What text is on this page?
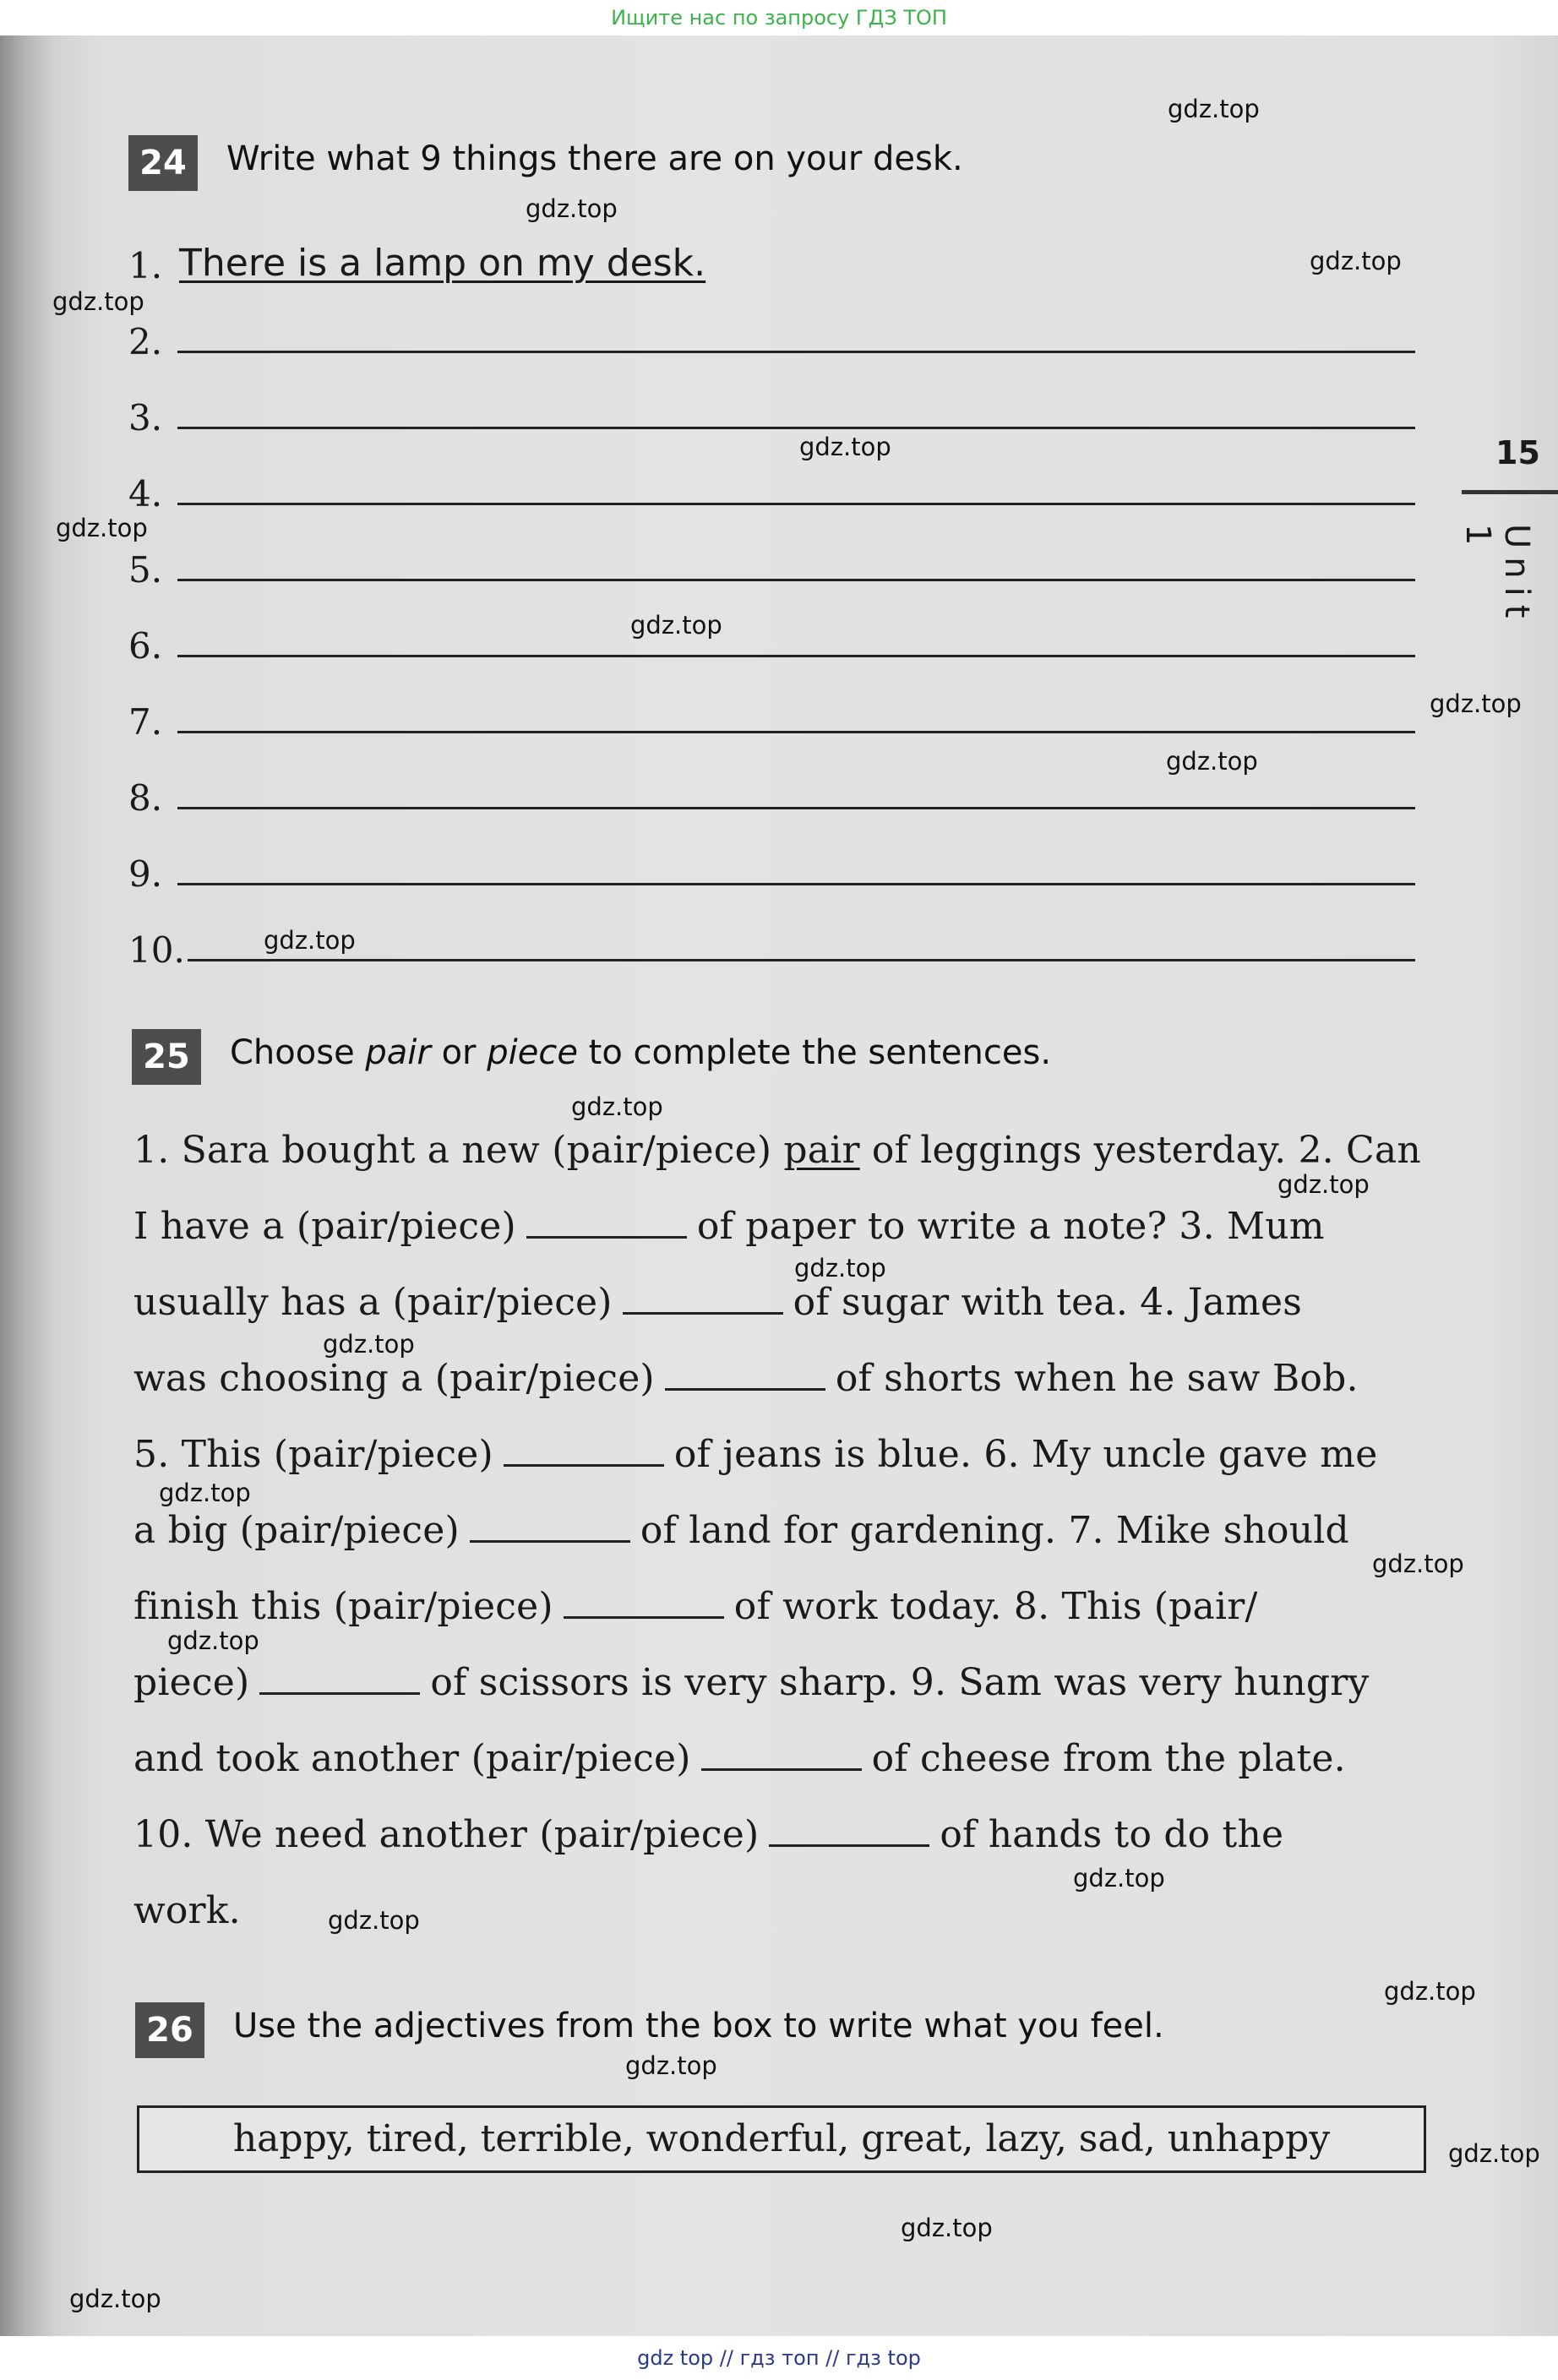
Ищите нас по запросу ГДЗ ТОП
15
Unit 1
24	Write what 9 things there are on your desk.
1. There is a lamp on my desk.
2.
3.
4.
5.
6.
7.
8.
9.
10.
25	Choose pair or piece to complete the sentences.
1. Sara bought a new (pair/piece) pair of leggings yesterday. 2. Can
I have a (pair/piece)	of paper to write a note? 3. Mum
usually has a (pair/piece)	of sugar with tea. 4. James
was choosing a (pair/piece)	of shorts when he saw Bob.
5. This (pair/piece)	of jeans is blue. 6. My uncle gave me
a big (pair/piece)	of land for gardening. 7. Mike should
finish this (pair/piece)	of work today. 8. This (pair/
piece)	of scissors is very sharp. 9. Sam was very hungry
and took another (pair/piece)	of cheese from the plate.
10. We need another (pair/piece)	of hands to do the
work.
26	Use the adjectives from the box to write what you feel.
happy, tired, terrible, wonderful, great, lazy, sad, unhappy
gdz.top
gdz.top
gdz.top
gdz.top
gdz.top
gdz.top
gdz.top
gdz.top
gdz.top
gdz.top
gdz.top
gdz.top
gdz.top
gdz.top
gdz.top
gdz.top
gdz.top
gdz.top
gdz.top
gdz.top
gdz.top
gdz.top
gdz.top
gdz.top
gdz top // гдз топ // гдз top
